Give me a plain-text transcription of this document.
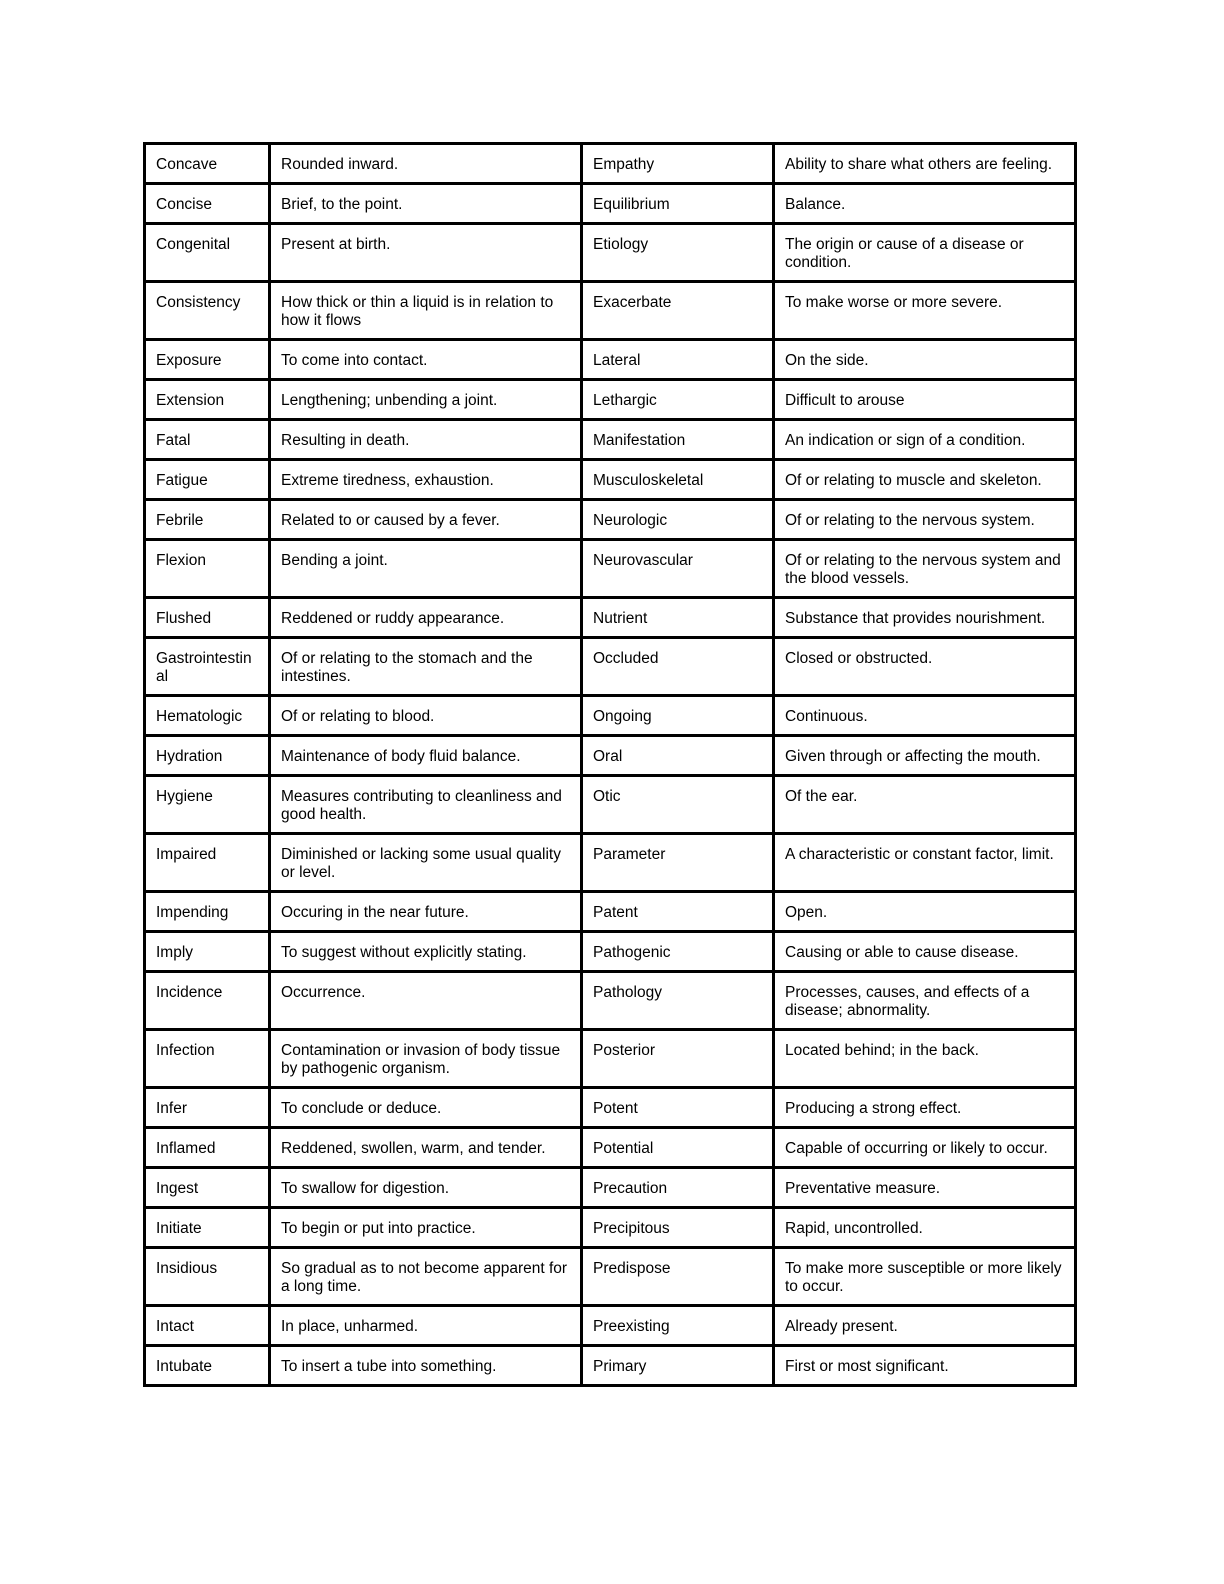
Concave	Rounded inward.	Empathy	Ability to share what others are feeling.
Concise	Brief, to the point.	Equilibrium	Balance.
Congenital	Present at birth.	Etiology	The origin or cause of a disease or condition.
Consistency	How thick or thin a liquid is in relation to how it flows	Exacerbate	To make worse or more severe.
Exposure	To come into contact.	Lateral	On the side.
Extension	Lengthening; unbending a joint.	Lethargic	Difficult to arouse
Fatal	Resulting in death.	Manifestation	An indication or sign of a condition.
Fatigue	Extreme tiredness, exhaustion.	Musculoskeletal	Of or relating to muscle and skeleton.
Febrile	Related to or caused by a fever.	Neurologic	Of or relating to the nervous system.
Flexion	Bending a joint.	Neurovascular	Of or relating to the nervous system and the blood vessels.
Flushed	Reddened or ruddy appearance.	Nutrient	Substance that provides nourishment.
Gastrointestinal	Of or relating to the stomach and the intestines.	Occluded	Closed or obstructed.
Hematologic	Of or relating to blood.	Ongoing	Continuous.
Hydration	Maintenance of body fluid balance.	Oral	Given through or affecting the mouth.
Hygiene	Measures contributing to cleanliness and good health.	Otic	Of the ear.
Impaired	Diminished or lacking some usual quality or level.	Parameter	A characteristic or constant factor, limit.
Impending	Occuring in the near future.	Patent	Open.
Imply	To suggest without explicitly stating.	Pathogenic	Causing or able to cause disease.
Incidence	Occurrence.	Pathology	Processes, causes, and effects of a disease; abnormality.
Infection	Contamination or invasion of body tissue by pathogenic organism.	Posterior	Located behind; in the back.
Infer	To conclude or deduce.	Potent	Producing a strong effect.
Inflamed	Reddened, swollen, warm, and tender.	Potential	Capable of occurring or likely to occur.
Ingest	To swallow for digestion.	Precaution	Preventative measure.
Initiate	To begin or put into practice.	Precipitous	Rapid, uncontrolled.
Insidious	So gradual as to not become apparent for a long time.	Predispose	To make more susceptible or more likely to occur.
Intact	In place, unharmed.	Preexisting	Already present.
Intubate	To insert a tube into something.	Primary	First or most significant.
